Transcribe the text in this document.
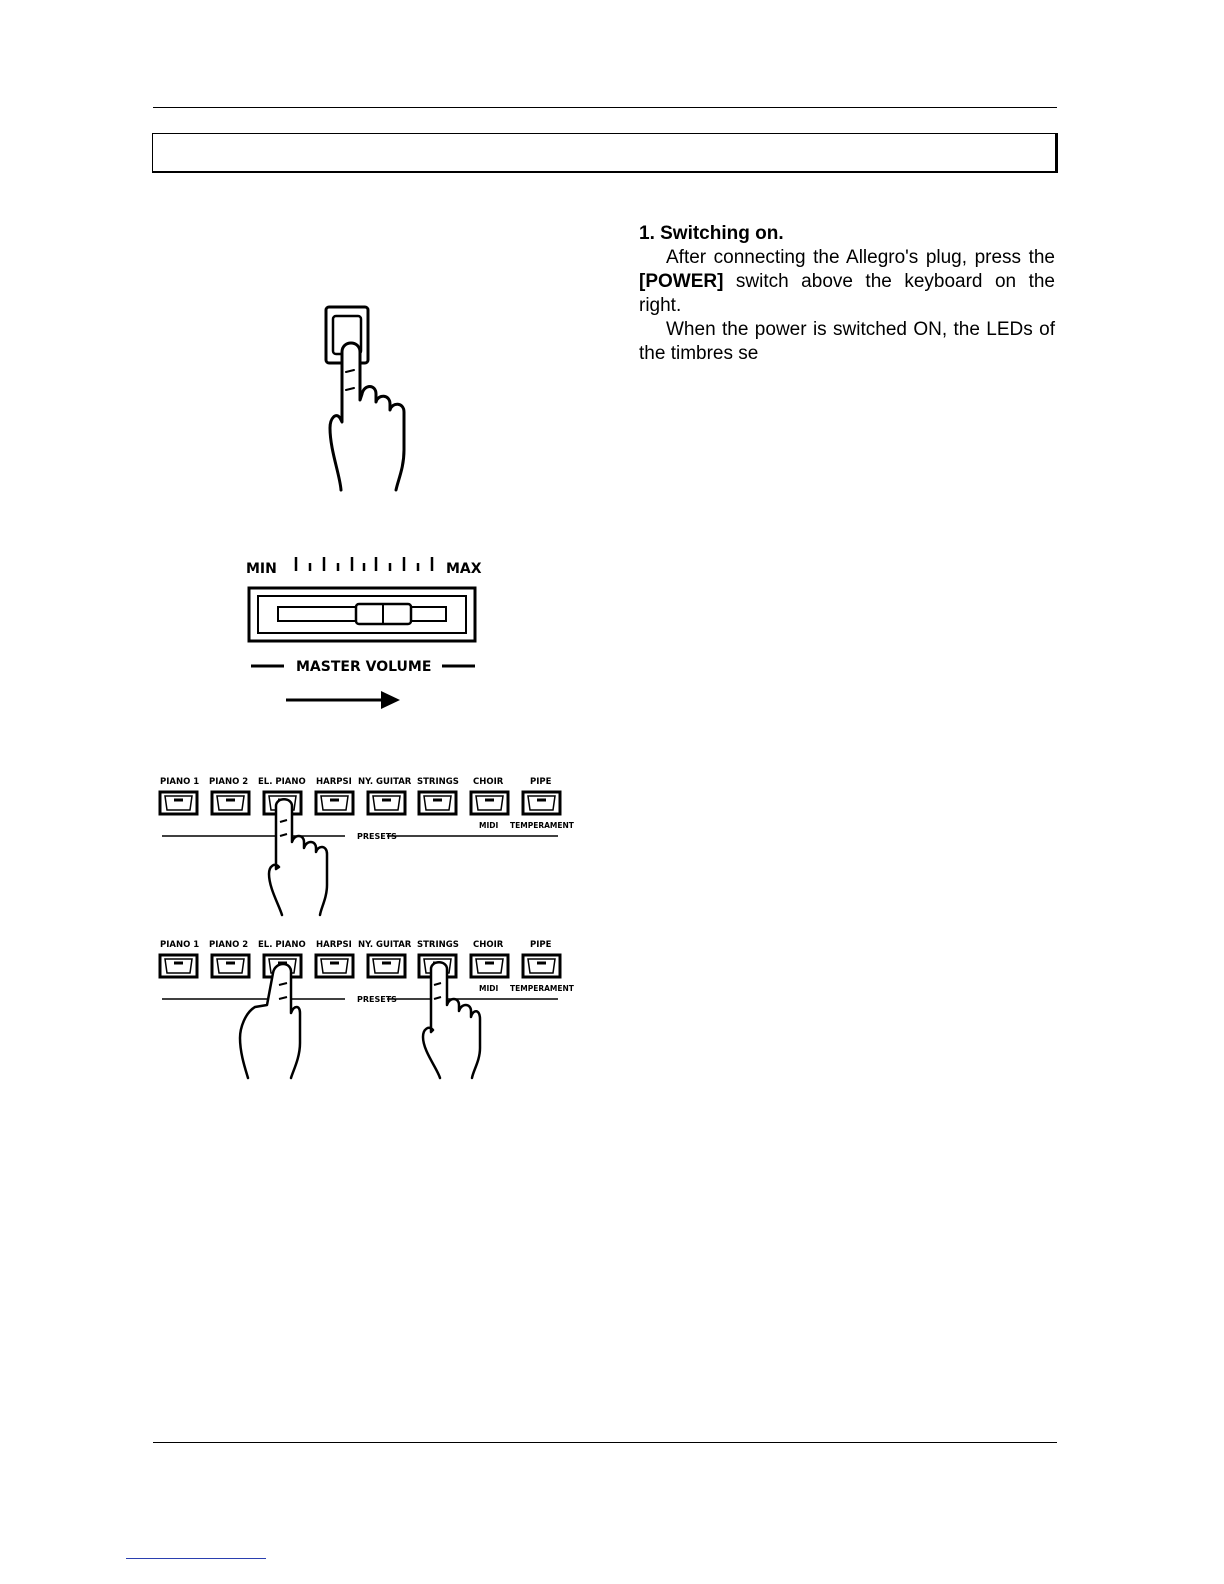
1. Switching on.

After connecting the Allegro's plug, press the [POWER] switch above the keyboard on the right.

When the power is switched ON, the LEDs of the timbres se

MIN	MAX
MASTER VOLUME
PIANO 1 PIANO 2 EL. PIANO HARPSI NY. GUITAR STRINGS CHOIR	PIPE
PRESETS
MIDI TEMPERAMENT
PIANO 1 PIANO 2 EL. PIANO HARPSI NY. GUITAR STRINGS CHOIR	PIPE
PRESETS
MIDI TEMPERAMENT
